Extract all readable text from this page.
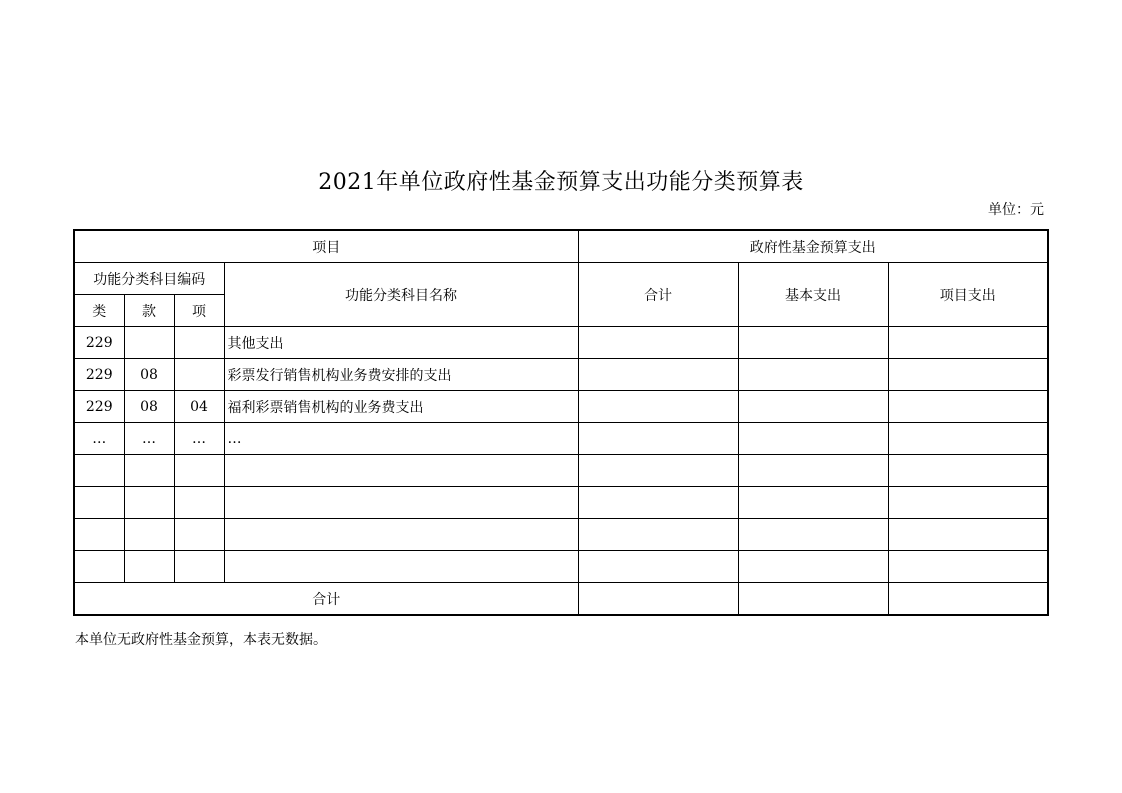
2021年单位政府性基金预算支出功能分类预算表
单位：元
项目				政府性基金预算支出		
功能分类科目编码			功能分类科目名称	合计	基本支出	项目支出
类	款	项				
229			其他支出			
229	08		彩票发行销售机构业务费安排的支出			
229	08	04	福利彩票销售机构的业务费支出			
…	…	…	…			

合计						
本单位无政府性基金预算，本表无数据。
